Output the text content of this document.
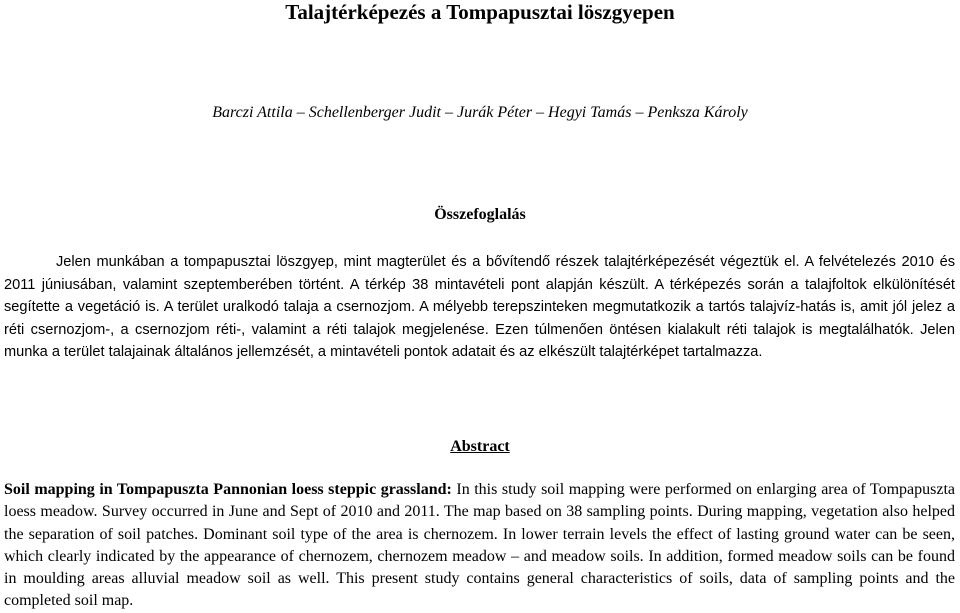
Talajtérképezés a Tompapusztai löszgyepen
Barczi Attila – Schellenberger Judit – Jurák Péter – Hegyi Tamás – Penksza Károly
Összefoglalás
Jelen munkában a tompapusztai löszgyep, mint magterület és a bővítendő részek talajtérképezését végeztük el. A felvételezés 2010 és 2011 júniusában, valamint szeptemberében történt. A térkép 38 mintavételi pont alapján készült. A térképezés során a talajfoltok elkülönítését segítette a vegetáció is. A terület uralkodó talaja a csernozjom. A mélyebb terepszinteken megmutatkozik a tartós talajvíz-hatás is, amit jól jelez a réti csernozjom-, a csernozjom réti-, valamint a réti talajok megjelenése. Ezen túlmenően öntésen kialakult réti talajok is megtalálhatók. Jelen munka a terület talajainak általános jellemzését, a mintavételi pontok adatait és az elkészült talajtérképet tartalmazza.
Abstract
Soil mapping in Tompapuszta Pannonian loess steppic grassland: In this study soil mapping were performed on enlarging area of Tompapuszta loess meadow. Survey occurred in June and Sept of 2010 and 2011. The map based on 38 sampling points. During mapping, vegetation also helped the separation of soil patches. Dominant soil type of the area is chernozem. In lower terrain levels the effect of lasting ground water can be seen, which clearly indicated by the appearance of chernozem, chernozem meadow – and meadow soils. In addition, formed meadow soils can be found in moulding areas alluvial meadow soil as well. This present study contains general characteristics of soils, data of sampling points and the completed soil map.
